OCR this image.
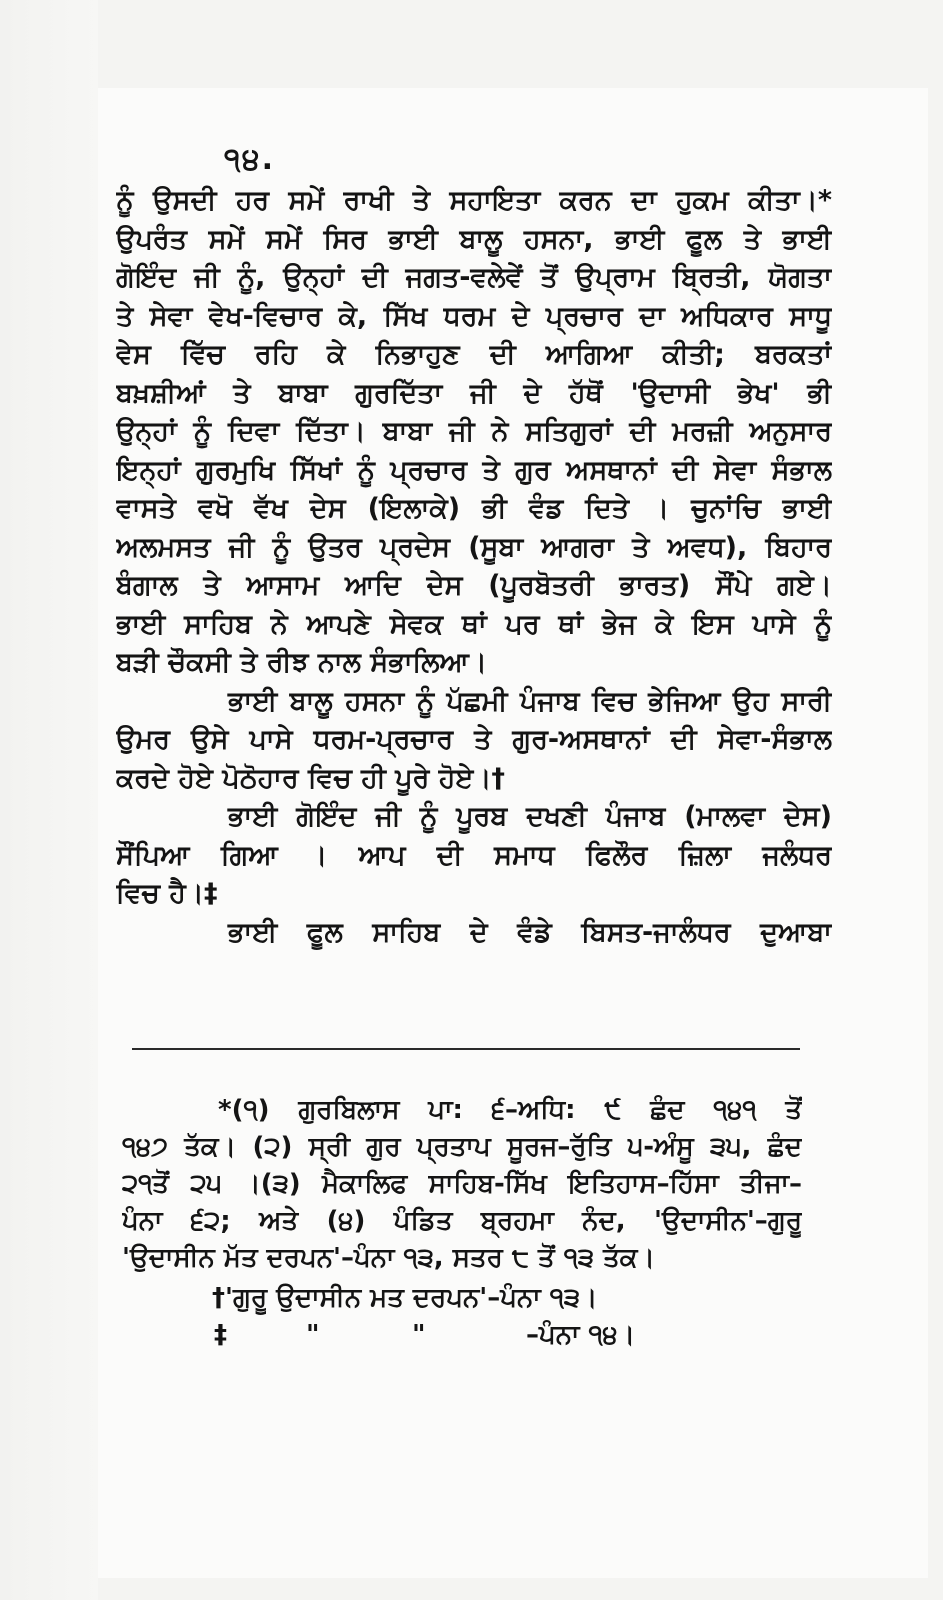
੧੪.
ਨੂੰ ਉਸਦੀ ਹਰ ਸਮੇਂ ਰਾਖੀ ਤੇ ਸਹਾਇਤਾ ਕਰਨ ਦਾ ਹੁਕਮ ਕੀਤਾ।*
ਉਪਰੰਤ ਸਮੇਂ ਸਮੇਂ ਸਿਰ ਭਾਈ ਬਾਲੂ ਹਸਨਾ, ਭਾਈ ਫੂਲ ਤੇ ਭਾਈ
ਗੋਇੰਦ ਜੀ ਨੂੰ, ਉਨ੍ਹਾਂ ਦੀ ਜਗਤ-ਵਲੇਵੇਂ ਤੋਂ ਉਪ੍ਰਾਮ ਬ੍ਰਿਤੀ, ਯੋਗਤਾ
ਤੇ ਸੇਵਾ ਵੇਖ-ਵਿਚਾਰ ਕੇ, ਸਿੱਖ ਧਰਮ ਦੇ ਪ੍ਰਚਾਰ ਦਾ ਅਧਿਕਾਰ ਸਾਧੂ
ਵੇਸ ਵਿੱਚ ਰਹਿ ਕੇ ਨਿਭਾਹੁਣ ਦੀ ਆਗਿਆ ਕੀਤੀ; ਬਰਕਤਾਂ
ਬਖ਼ਸ਼ੀਆਂ ਤੇ ਬਾਬਾ ਗੁਰਦਿੱਤਾ ਜੀ ਦੇ ਹੱਥੋਂ 'ਉਦਾਸੀ ਭੇਖ' ਭੀ
ਉਨ੍ਹਾਂ ਨੂੰ ਦਿਵਾ ਦਿੱਤਾ। ਬਾਬਾ ਜੀ ਨੇ ਸਤਿਗੁਰਾਂ ਦੀ ਮਰਜ਼ੀ ਅਨੁਸਾਰ
ਇਨ੍ਹਾਂ ਗੁਰਮੁਖਿ ਸਿੱਖਾਂ ਨੂੰ ਪ੍ਰਚਾਰ ਤੇ ਗੁਰ ਅਸਥਾਨਾਂ ਦੀ ਸੇਵਾ ਸੰਭਾਲ
ਵਾਸਤੇ ਵਖੋ ਵੱਖ ਦੇਸ (ਇਲਾਕੇ) ਭੀ ਵੰਡ ਦਿਤੇ । ਚੁਨਾਂਚਿ ਭਾਈ
ਅਲਮਸਤ ਜੀ ਨੂੰ ਉਤਰ ਪ੍ਰਦੇਸ (ਸੂਬਾ ਆਗਰਾ ਤੇ ਅਵਧ), ਬਿਹਾਰ
ਬੰਗਾਲ ਤੇ ਆਸਾਮ ਆਦਿ ਦੇਸ (ਪੂਰਬੋਤਰੀ ਭਾਰਤ) ਸੌਂਪੇ ਗਏ।
ਭਾਈ ਸਾਹਿਬ ਨੇ ਆਪਣੇ ਸੇਵਕ ਥਾਂ ਪਰ ਥਾਂ ਭੇਜ ਕੇ ਇਸ ਪਾਸੇ ਨੂੰ
ਬੜੀ ਚੌਕਸੀ ਤੇ ਰੀਝ ਨਾਲ ਸੰਭਾਲਿਆ।
ਭਾਈ ਬਾਲੂ ਹਸਨਾ ਨੂੰ ਪੱਛਮੀ ਪੰਜਾਬ ਵਿਚ ਭੇਜਿਆ ਉਹ ਸਾਰੀ
ਉਮਰ ਉਸੇ ਪਾਸੇ ਧਰਮ-ਪ੍ਰਚਾਰ ਤੇ ਗੁਰ-ਅਸਥਾਨਾਂ ਦੀ ਸੇਵਾ-ਸੰਭਾਲ
ਕਰਦੇ ਹੋਏ ਪੋਠੋਹਾਰ ਵਿਚ ਹੀ ਪੂਰੇ ਹੋਏ।†
ਭਾਈ ਗੋਇੰਦ ਜੀ ਨੂੰ ਪੂਰਬ ਦਖਣੀ ਪੰਜਾਬ (ਮਾਲਵਾ ਦੇਸ)
ਸੌਂਪਿਆ ਗਿਆ । ਆਪ ਦੀ ਸਮਾਧ ਫਿਲੌਰ ਜ਼ਿਲਾ ਜਲੰਧਰ
ਵਿਚ ਹੈ।‡
ਭਾਈ ਫੂਲ ਸਾਹਿਬ ਦੇ ਵੰਡੇ ਬਿਸਤ-ਜਾਲੰਧਰ ਦੁਆਬਾ
*(੧) ਗੁਰਬਿਲਾਸ ਪਾ: ੬–ਅਧਿ: ੯ ਛੰਦ ੧੪੧ ਤੋਂ
੧੪੭ ਤੱਕ। (੨) ਸ੍ਰੀ ਗੁਰ ਪ੍ਰਤਾਪ ਸੂਰਜ–ਰੁੱਤਿ ੫-ਅੰਸੂ ੩੫, ਛੰਦ
੨੧ਤੋਂ ੨੫ ।(੩) ਮੈਕਾਲਿਫ ਸਾਹਿਬ-ਸਿੱਖ ਇਤਿਹਾਸ–ਹਿੱਸਾ ਤੀਜਾ–
ਪੰਨਾ ੬੨; ਅਤੇ (੪) ਪੰਡਿਤ ਬ੍ਰਹਮਾ ਨੰਦ, 'ਉਦਾਸੀਨ'–ਗੁਰੂ
'ਉਦਾਸੀਨ ਮੱਤ ਦਰਪਨ'–ਪੰਨਾ ੧੩, ਸਤਰ ੮ ਤੋਂ ੧੩ ਤੱਕ।
†'ਗੁਰੂ ਉਦਾਸੀਨ ਮਤ ਦਰਪਨ'–ਪੰਨਾ ੧੩।
‡	"	"	–ਪੰਨਾ ੧੪।
